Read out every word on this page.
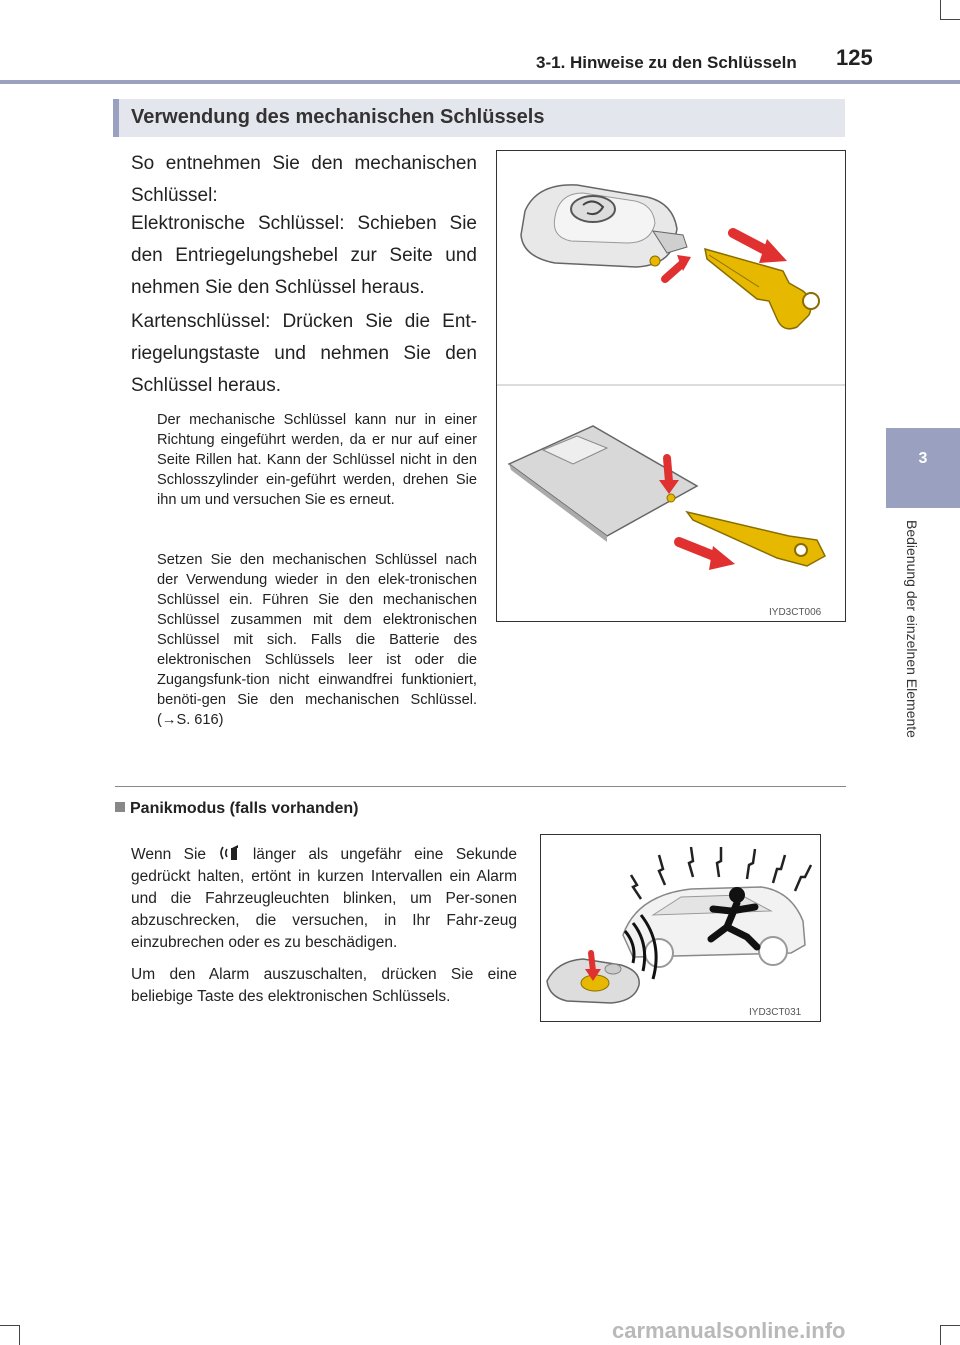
3-1. Hinweise zu den Schlüsseln 125
3
Bedienung der einzelnen Elemente
Verwendung des mechanischen Schlüssels

So entnehmen Sie den mechanischen Schlüssel:

Elektronische Schlüssel: Schieben Sie den Entriegelungshebel zur Seite und nehmen Sie den Schlüssel heraus.

Kartenschlüssel: Drücken Sie die Ent-riegelungstaste und nehmen Sie den Schlüssel heraus.

Der mechanische Schlüssel kann nur in einer Richtung eingeführt werden, da er nur auf einer Seite Rillen hat. Kann der Schlüssel nicht in den Schlosszylinder ein-geführt werden, drehen Sie ihn um und versuchen Sie es erneut.

Setzen Sie den mechanischen Schlüssel nach der Verwendung wieder in den elek-tronischen Schlüssel ein. Führen Sie den mechanischen Schlüssel zusammen mit dem elektronischen Schlüssel mit sich. Falls die Batterie des elektronischen Schlüssels leer ist oder die Zugangsfunk-tion nicht einwandfrei funktioniert, benöti-gen Sie den mechanischen Schlüssel. (→S. 616)

IYD3CT006
Panikmodus (falls vorhanden)

Wenn Sie	länger als ungefähr eine Sekunde gedrückt halten, ertönt in kurzen Intervallen ein Alarm und die Fahrzeugleuchten blinken, um Per-sonen abzuschrecken, die versuchen, in Ihr Fahr-zeug einzubrechen oder es zu beschädigen.

Um den Alarm auszuschalten, drücken Sie eine beliebige Taste des elektronischen Schlüssels.

IYD3CT031
carmanualsonline.info
